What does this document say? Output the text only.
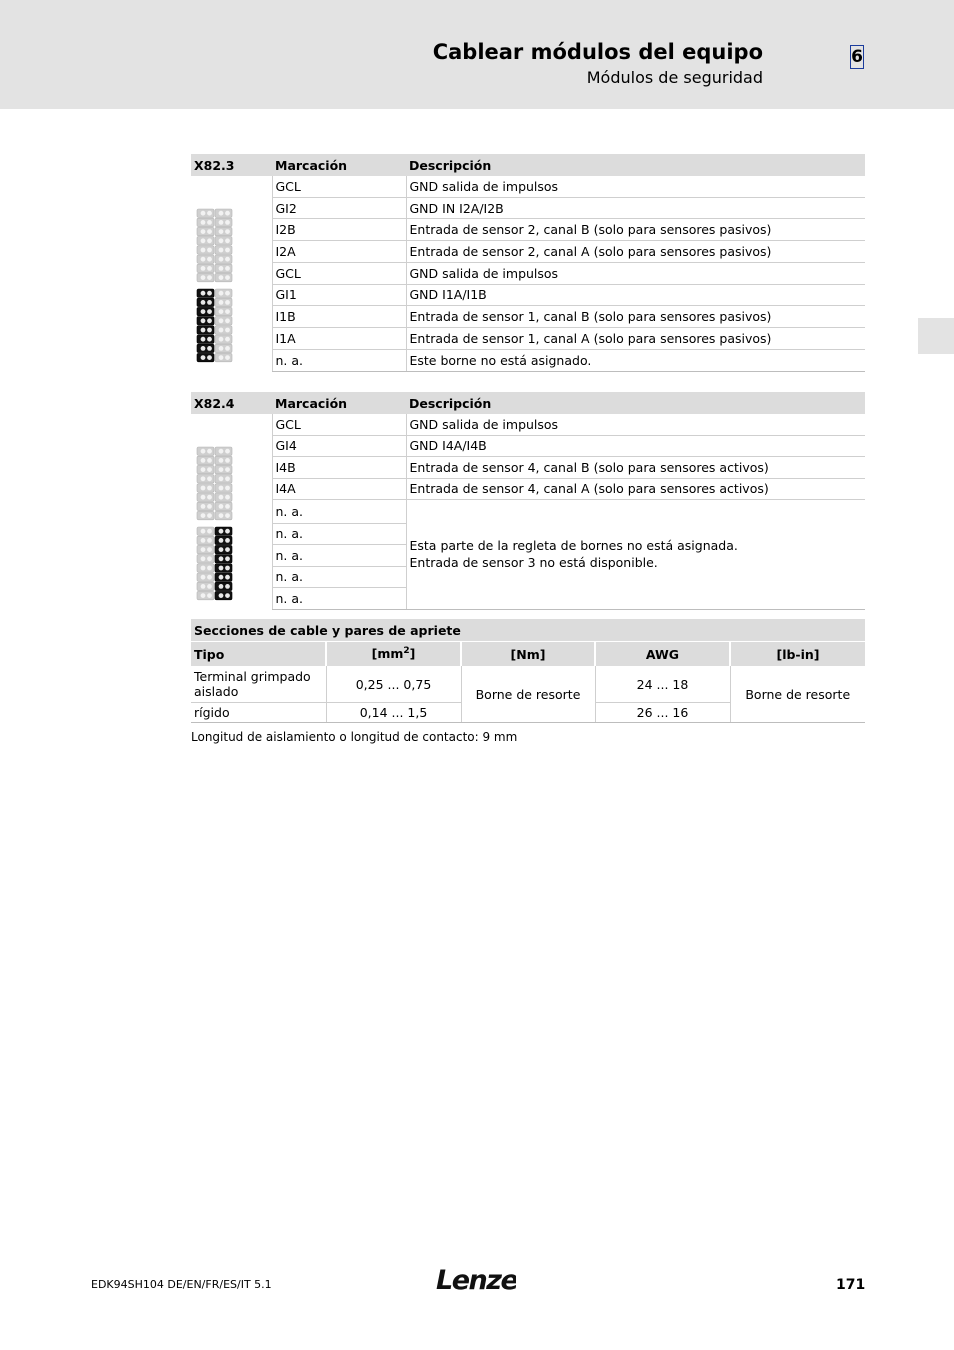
Cablear módulos del equipo
Módulos de seguridad
6
X82.3	Marcación	Descripción
	GCL	GND salida de impulsos
	GI2	GND IN I2A/I2B
	I2B	Entrada de sensor 2, canal B (solo para sensores pasivos)
	I2A	Entrada de sensor 2, canal A (solo para sensores pasivos)
	GCL	GND salida de impulsos
	GI1	GND I1A/I1B
	I1B	Entrada de sensor 1, canal B (solo para sensores pasivos)
	I1A	Entrada de sensor 1, canal A (solo para sensores pasivos)
	n. a.	Este borne no está asignado.
X82.4	Marcación	Descripción
	GCL	GND salida de impulsos
	GI4	GND I4A/I4B
	I4B	Entrada de sensor 4, canal B (solo para sensores activos)
	I4A	Entrada de sensor 4, canal A (solo para sensores activos)
	n. a.	Esta parte de la regleta de bornes no está asignada.
Entrada de sensor 3 no está disponible.
	n. a.	
	n. a.	
	n. a.	
	n. a.	
Secciones de cable y pares de apriete				
Tipo	$[mm^2]$	[Nm]	AWG	[lb-in]
Terminal grimpado
aislado	0,25 ... 0,75	Borne de resorte	24 ... 18	Borne de resorte
rígido	0,14 ... 1,5		26 ... 16	
Longitud de aislamiento o longitud de contacto: 9 mm
EDK94SH104 DE/EN/FR/ES/IT 5.1	Lenze	171
